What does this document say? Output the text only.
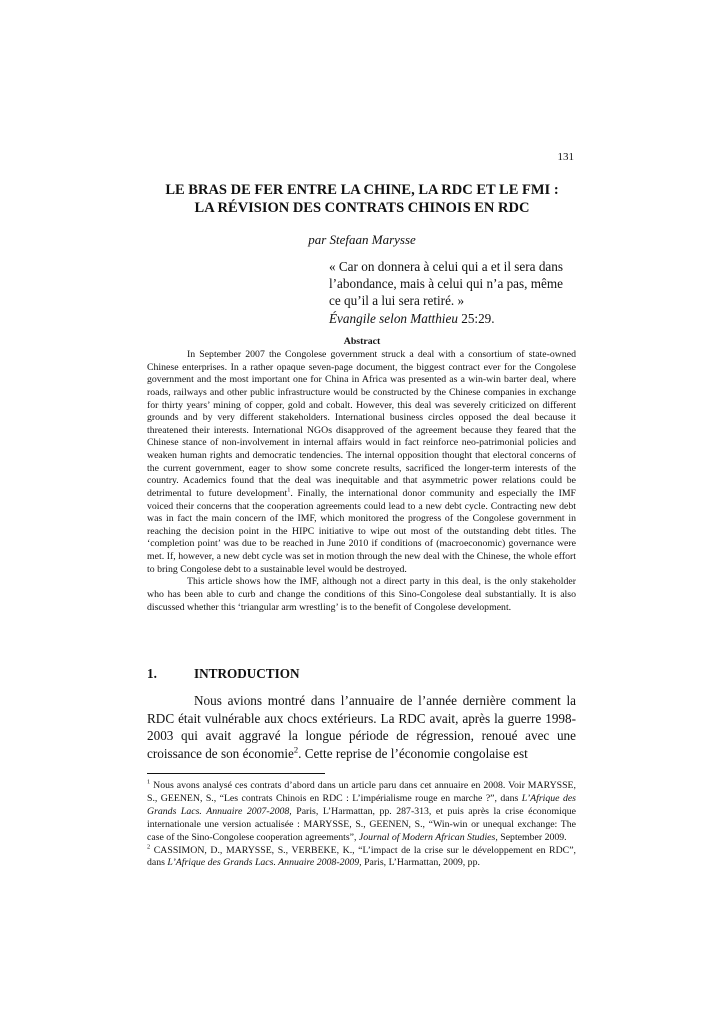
131
LE BRAS DE FER ENTRE LA CHINE, LA RDC ET LE FMI :
LA RÉVISION DES CONTRATS CHINOIS EN RDC
par Stefaan Marysse
« Car on donnera à celui qui a et il sera dans l’abondance, mais à celui qui n’a pas, même ce qu’il a lui sera retiré. »
Évangile selon Matthieu 25:29.
Abstract

In September 2007 the Congolese government struck a deal with a consortium of state-owned Chinese enterprises. In a rather opaque seven-page document, the biggest contract ever for the Congolese government and the most important one for China in Africa was presented as a win-win barter deal, where roads, railways and other public infrastructure would be constructed by the Chinese companies in exchange for thirty years’ mining of copper, gold and cobalt. However, this deal was severely criticized on different grounds and by very different stakeholders. International business circles opposed the deal because it threatened their interests. International NGOs disapproved of the agreement because they feared that the Chinese stance of non-involvement in internal affairs would in fact reinforce neo-patrimonial policies and weaken human rights and democratic tendencies. The internal opposition thought that electoral concerns of the current government, eager to show some concrete results, sacrificed the longer-term interests of the country. Academics found that the deal was inequitable and that asymmetric power relations could be detrimental to future development$^1$. Finally, the international donor community and especially the IMF voiced their concerns that the cooperation agreements could lead to a new debt cycle. Contracting new debt was in fact the main concern of the IMF, which monitored the progress of the Congolese government in reaching the decision point in the HIPC initiative to wipe out most of the outstanding debt titles. The ‘completion point’ was due to be reached in June 2010 if conditions of (macroeconomic) governance were met. If, however, a new debt cycle was set in motion through the new deal with the Chinese, the whole effort to bring Congolese debt to a sustainable level would be destroyed.

This article shows how the IMF, although not a direct party in this deal, is the only stakeholder who has been able to curb and change the conditions of this Sino-Congolese deal substantially. It is also discussed whether this ‘triangular arm wrestling’ is to the benefit of Congolese development.

1.	INTRODUCTION

Nous avions montré dans l’annuaire de l’année dernière comment la RDC était vulnérable aux chocs extérieurs. La RDC avait, après la guerre 1998-2003 qui avait aggravé la longue période de régression, renoué avec une croissance de son économie$^2$. Cette reprise de l’économie congolaise est

$^1$ Nous avons analysé ces contrats d’abord dans un article paru dans cet annuaire en 2008. Voir MARYSSE, S., GEENEN, S., “Les contrats Chinois en RDC : L’impérialisme rouge en marche ?”, dans L’Afrique des Grands Lacs. Annuaire 2007-2008, Paris, L’Harmattan, pp. 287-313, et puis après la crise économique internationale une version actualisée : MARYSSE, S., GEENEN, S., “Win-win or unequal exchange: The case of the Sino-Congolese cooperation agreements”, Journal of Modern African Studies, September 2009.

$^2$ CASSIMON, D., MARYSSE, S., VERBEKE, K., “L’impact de la crise sur le développement en RDC”, dans L’Afrique des Grands Lacs. Annuaire 2008-2009, Paris, L’Harmattan, 2009, pp.
